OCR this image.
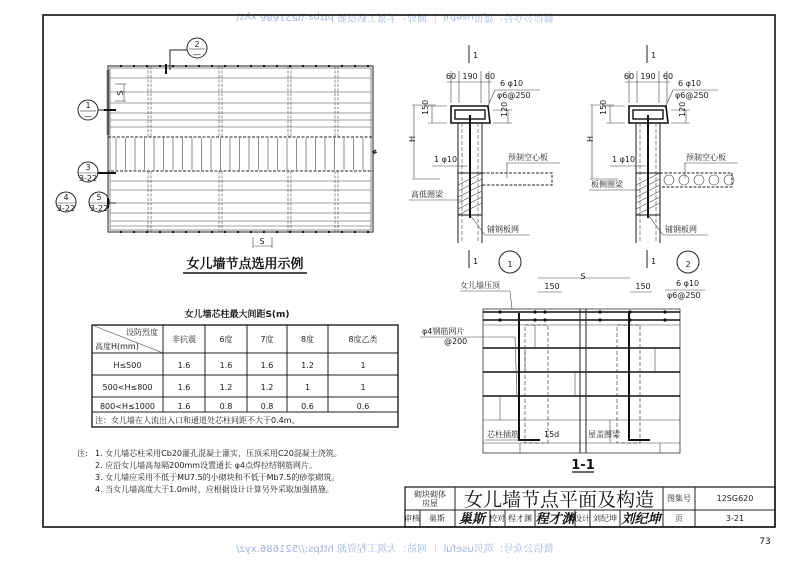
微信公众号：筑贝useful ｜ 网站：大筑工程资源 https://521686.xyz/
微信公众号：筑贝useful ｜ 网站：大筑工程资源 https://521686.xyz/
2
—
1
—
3
3-22
4
3-22
5
3-22
S
S
女儿墙节点选用示例
女儿墙芯柱最大间距S(m)
设防烈度
高度H(mm)
非抗震	6度	7度	8度	8度乙类
H≤500	1.6	1.6	1.6	1.2	1
500<H≤800	1.6	1.2	1.2	1	1
800<H≤1000	1.6	0.8	0.8	0.6	0.6
注：女儿墙在人流出入口和通道处芯柱间距不大于0.4m。
注: 1. 女儿墙芯柱采用Cb20灌孔混凝土灌实，压顶采用C20混凝土浇筑。
2. 应沿女儿墙高每隔200mm设置通长 φ4点焊拉结钢筋网片。
3. 女儿墙应采用不低于MU7.5的小砌块和不低于Mb7.5的砂浆砌筑。
4. 当女儿墙高度大于1.0m时，应根据设计计算另外采取加强措施。
1
1	1
60 190 60
6 φ10
φ6@250
150	120
H
1 φ10	预制空心板
高低圈梁
铺钢板网
1
1	2
60 190 60
6 φ10
φ6@250
150	120
H
1 φ10	预制空心板
板侧圈梁
铺钢板网
女儿墙压顶
S
150	150	6 φ10
φ6@250
φ4钢筋网片
@200
芯柱插筋	15d	屋盖圈梁
1-1
砌块砌体
房屋 女儿墙节点平面及构造 图集号	12SG620
审核 巢斯 巢斯 校对 程才渊 程才渊 设计 刘纪坤 刘纪坤 页	3-21
73
